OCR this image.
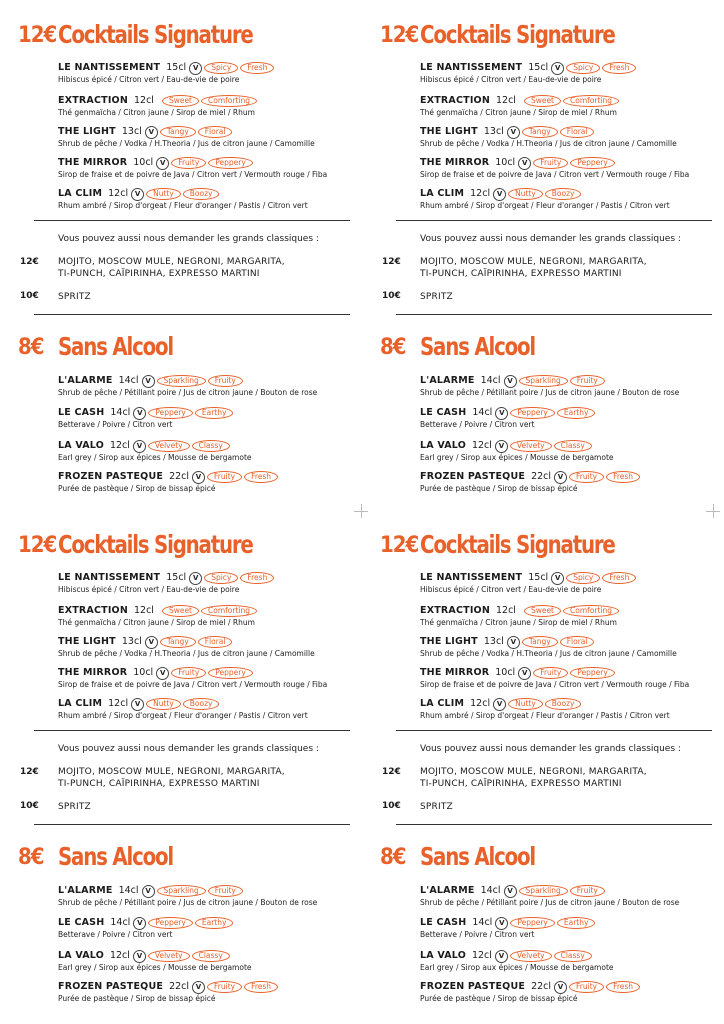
12€ Cocktails Signature
LE NANTISSEMENT 15cl V	Spicy	Fresh
Hibiscus épicé / Citron vert / Eau-de-vie de poire
EXTRACTION 12cl	Sweet	Comforting
Thé genmaïcha / Citron jaune / Sirop de miel / Rhum
THE LIGHT 13cl V	Tangy	Floral
Shrub de pêche / Vodka / H.Theoria / Jus de citron jaune / Camomille
THE MIRROR 10cl V	Fruity	Peppery
Sirop de fraise et de poivre de Java / Citron vert / Vermouth rouge / Fiba
LA CLIM 12cl V	Nutty	Boozy
Rhum ambré / Sirop d'orgeat / Fleur d'oranger / Pastis / Citron vert
Vous pouvez aussi nous demander les grands classiques :
12€ MOJITO, MOSCOW MULE, NEGRONI, MARGARITA,
TI-PUNCH, CAÏPIRINHA, EXPRESSO MARTINI
10€ SPRITZ
8€ Sans Alcool
L'ALARME 14cl V	Sparkling	Fruity
Shrub de pêche / Pétillant poire / Jus de citron jaune / Bouton de rose
LE CASH 14cl V	Peppery	Earthy
Betterave / Poivre / Citron vert
LA VALO 12cl V	Velvety	Classy
Earl grey / Sirop aux épices / Mousse de bergamote
FROZEN PASTEQUE 22cl V	Fruity	Fresh
Purée de pastèque / Sirop de bissap épicé
12€ Cocktails Signature
LE NANTISSEMENT 15cl V	Spicy	Fresh
Hibiscus épicé / Citron vert / Eau-de-vie de poire
EXTRACTION 12cl	Sweet	Comforting
Thé genmaïcha / Citron jaune / Sirop de miel / Rhum
THE LIGHT 13cl V	Tangy	Floral
Shrub de pêche / Vodka / H.Theoria / Jus de citron jaune / Camomille
THE MIRROR 10cl V	Fruity	Peppery
Sirop de fraise et de poivre de Java / Citron vert / Vermouth rouge / Fiba
LA CLIM 12cl V	Nutty	Boozy
Rhum ambré / Sirop d'orgeat / Fleur d'oranger / Pastis / Citron vert
Vous pouvez aussi nous demander les grands classiques :
12€ MOJITO, MOSCOW MULE, NEGRONI, MARGARITA,
TI-PUNCH, CAÏPIRINHA, EXPRESSO MARTINI
10€ SPRITZ
8€ Sans Alcool
L'ALARME 14cl V	Sparkling	Fruity
Shrub de pêche / Pétillant poire / Jus de citron jaune / Bouton de rose
LE CASH 14cl V	Peppery	Earthy
Betterave / Poivre / Citron vert
LA VALO 12cl V	Velvety	Classy
Earl grey / Sirop aux épices / Mousse de bergamote
FROZEN PASTEQUE 22cl V	Fruity	Fresh
Purée de pastèque / Sirop de bissap épicé
12€ Cocktails Signature
LE NANTISSEMENT 15cl V	Spicy	Fresh
Hibiscus épicé / Citron vert / Eau-de-vie de poire
EXTRACTION 12cl	Sweet	Comforting
Thé genmaïcha / Citron jaune / Sirop de miel / Rhum
THE LIGHT 13cl V	Tangy	Floral
Shrub de pêche / Vodka / H.Theoria / Jus de citron jaune / Camomille
THE MIRROR 10cl V	Fruity	Peppery
Sirop de fraise et de poivre de Java / Citron vert / Vermouth rouge / Fiba
LA CLIM 12cl V	Nutty	Boozy
Rhum ambré / Sirop d'orgeat / Fleur d'oranger / Pastis / Citron vert
Vous pouvez aussi nous demander les grands classiques :
12€ MOJITO, MOSCOW MULE, NEGRONI, MARGARITA,
TI-PUNCH, CAÏPIRINHA, EXPRESSO MARTINI
10€ SPRITZ
8€ Sans Alcool
L'ALARME 14cl V	Sparkling	Fruity
Shrub de pêche / Pétillant poire / Jus de citron jaune / Bouton de rose
LE CASH 14cl V	Peppery	Earthy
Betterave / Poivre / Citron vert
LA VALO 12cl V	Velvety	Classy
Earl grey / Sirop aux épices / Mousse de bergamote
FROZEN PASTEQUE 22cl V	Fruity	Fresh
Purée de pastèque / Sirop de bissap épicé
12€ Cocktails Signature
LE NANTISSEMENT 15cl V	Spicy	Fresh
Hibiscus épicé / Citron vert / Eau-de-vie de poire
EXTRACTION 12cl	Sweet	Comforting
Thé genmaïcha / Citron jaune / Sirop de miel / Rhum
THE LIGHT 13cl V	Tangy	Floral
Shrub de pêche / Vodka / H.Theoria / Jus de citron jaune / Camomille
THE MIRROR 10cl V	Fruity	Peppery
Sirop de fraise et de poivre de Java / Citron vert / Vermouth rouge / Fiba
LA CLIM 12cl V	Nutty	Boozy
Rhum ambré / Sirop d'orgeat / Fleur d'oranger / Pastis / Citron vert
Vous pouvez aussi nous demander les grands classiques :
12€ MOJITO, MOSCOW MULE, NEGRONI, MARGARITA,
TI-PUNCH, CAÏPIRINHA, EXPRESSO MARTINI
10€ SPRITZ
8€ Sans Alcool
L'ALARME 14cl V	Sparkling	Fruity
Shrub de pêche / Pétillant poire / Jus de citron jaune / Bouton de rose
LE CASH 14cl V	Peppery	Earthy
Betterave / Poivre / Citron vert
LA VALO 12cl V	Velvety	Classy
Earl grey / Sirop aux épices / Mousse de bergamote
FROZEN PASTEQUE 22cl V	Fruity	Fresh
Purée de pastèque / Sirop de bissap épicé
